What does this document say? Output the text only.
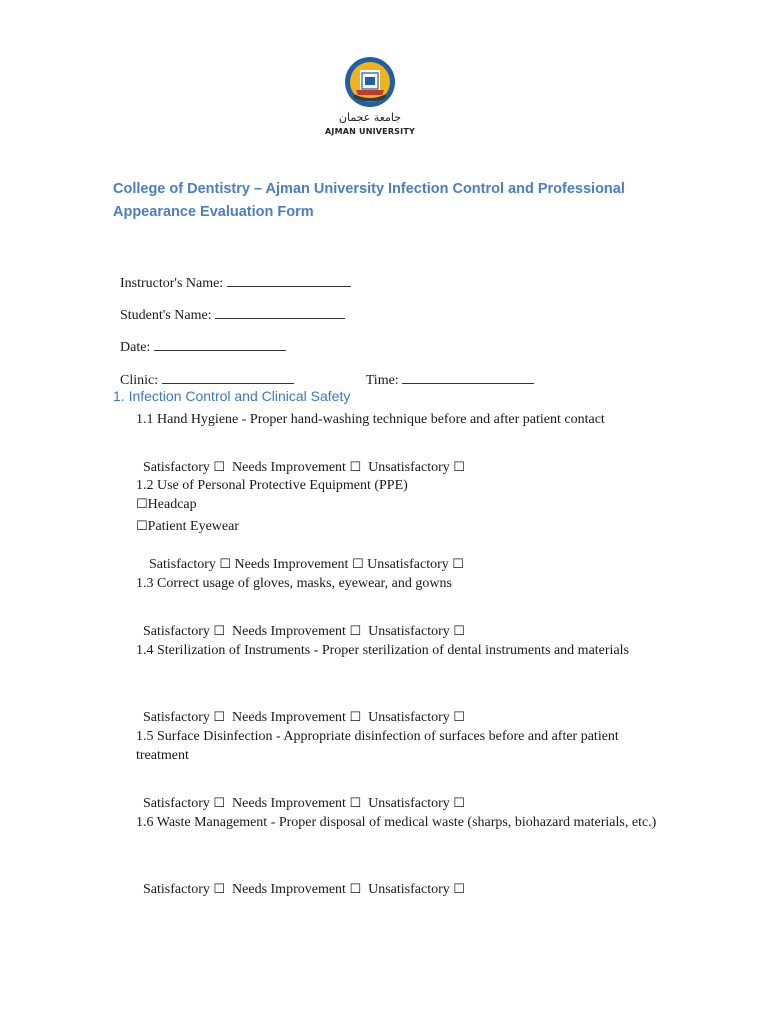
جامعة عجمان
AJMAN UNIVERSITY
College of Dentistry – Ajman University Infection Control and Professional
Appearance Evaluation Form

Instructor's Name:

Student's Name:

Date:

Clinic:	Time:

1. Infection Control and Clinical Safety
1.1 Hand Hygiene - Proper hand-washing technique before and after patient contact

Satisfactory ☐ Needs Improvement ☐ Unsatisfactory ☐

1.2 Use of Personal Protective Equipment (PPE)
☐Headcap
☐Patient Eyewear

Satisfactory ☐ Needs Improvement ☐ Unsatisfactory ☐

1.3 Correct usage of gloves, masks, eyewear, and gowns

Satisfactory ☐ Needs Improvement ☐ Unsatisfactory ☐

1.4 Sterilization of Instruments - Proper sterilization of dental instruments and materials

Satisfactory ☐ Needs Improvement ☐ Unsatisfactory ☐

1.5 Surface Disinfection - Appropriate disinfection of surfaces before and after patient treatment

Satisfactory ☐ Needs Improvement ☐ Unsatisfactory ☐

1.6 Waste Management - Proper disposal of medical waste (sharps, biohazard materials, etc.)

Satisfactory ☐ Needs Improvement ☐ Unsatisfactory ☐
